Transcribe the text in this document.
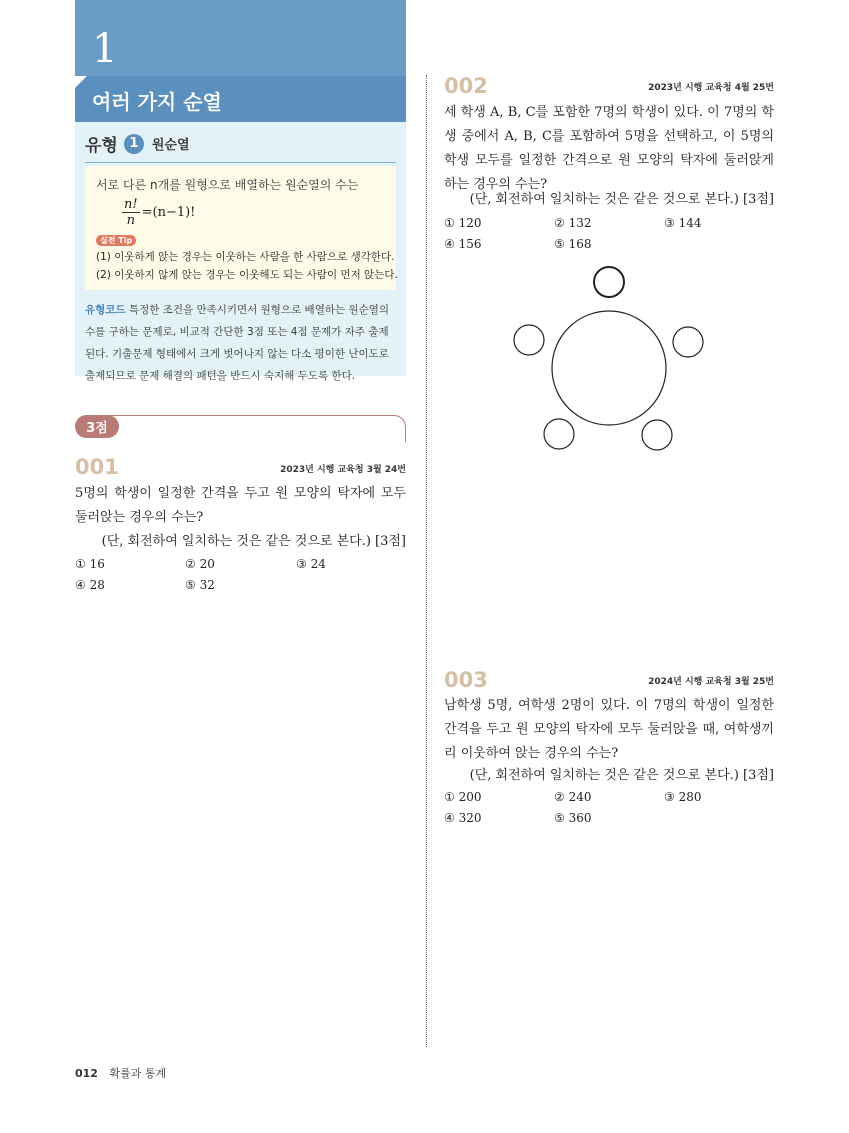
1
여러 가지 순열
유형 1	원순열
서로 다른 n개를 원형으로 배열하는 원순열의 수는
$\frac{n!}{n} =(n-1)$!
실전 Tip
(1) 이웃하게 앉는 경우는 이웃하는 사람을 한 사람으로 생각한다.
(2) 이웃하지 않게 앉는 경우는 이웃해도 되는 사람이 먼저 앉는다.
유형코드 특정한 조건을 만족시키면서 원형으로 배열하는 원순열의 수를 구하는 문제로, 비교적 간단한 3점 또는 4점 문제가 자주 출제된다. 기출문제 형태에서 크게 벗어나지 않는 다소 평이한 난이도로 출제되므로 문제 해결의 패턴을 반드시 숙지해 두도록 한다.
3점
001	2023년 시행 교육청 3월 24번
5명의 학생이 일정한 간격을 두고 원 모양의 탁자에 모두 둘러앉는 경우의 수는?
(단, 회전하여 일치하는 것은 같은 것으로 본다.) [3점]
① 16	② 20	③ 24
④ 28	⑤ 32
002	2023년 시행 교육청 4월 25번
세 학생 A, B, C를 포함한 7명의 학생이 있다. 이 7명의 학생 중에서 A, B, C를 포함하여 5명을 선택하고, 이 5명의 학생 모두를 일정한 간격으로 원 모양의 탁자에 둘러앉게 하는 경우의 수는?
(단, 회전하여 일치하는 것은 같은 것으로 본다.) [3점]
① 120	② 132	③ 144
④ 156	⑤ 168
003	2024년 시행 교육청 3월 25번
남학생 5명, 여학생 2명이 있다. 이 7명의 학생이 일정한 간격을 두고 원 모양의 탁자에 모두 둘러앉을 때, 여학생끼리 이웃하여 앉는 경우의 수는?
(단, 회전하여 일치하는 것은 같은 것으로 본다.) [3점]
① 200	② 240	③ 280
④ 320	⑤ 360
012 확률과 통계
